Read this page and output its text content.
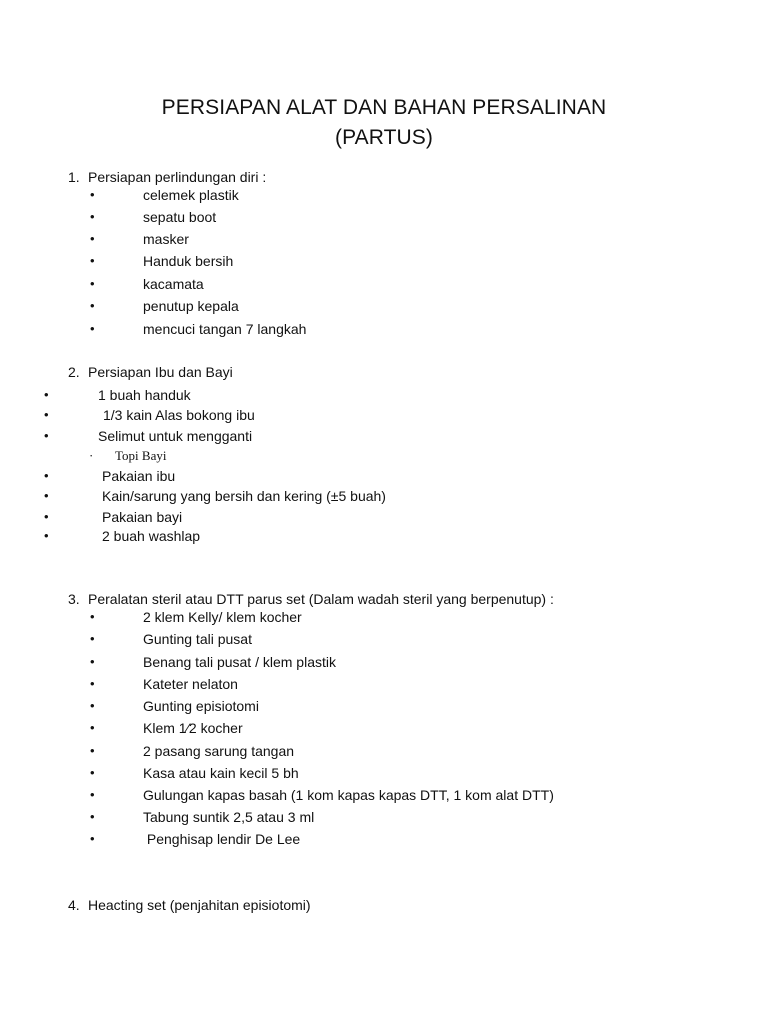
PERSIAPAN ALAT DAN BAHAN PERSALINAN
(PARTUS)
1. Persiapan perlindungan diri :
•	celemek plastik
•	sepatu boot
•	masker
•	Handuk bersih
•	kacamata
•	penutup kepala
•	mencuci tangan 7 langkah
2. Persiapan Ibu dan Bayi
•	1 buah handuk
•	1/3 kain Alas bokong ibu
•	Selimut untuk mengganti
· Topi Bayi
•	Pakaian ibu
•	Kain/sarung yang bersih dan kering (±5 buah)
•	Pakaian bayi
•	2 buah washlap
3. Peralatan steril atau DTT parus set (Dalam wadah steril yang berpenutup) :
•	2 klem Kelly/ klem kocher
•	Gunting tali pusat
•	Benang tali pusat / klem plastik
•	Kateter nelaton
•	Gunting episiotomi
•	Klem 1⁄2 kocher
•	2 pasang sarung tangan
•	Kasa atau kain kecil 5 bh
•	Gulungan kapas basah (1 kom kapas kapas DTT, 1 kom alat DTT)
•	Tabung suntik 2,5 atau 3 ml
•	Penghisap lendir De Lee
4. Heacting set (penjahitan episiotomi)
